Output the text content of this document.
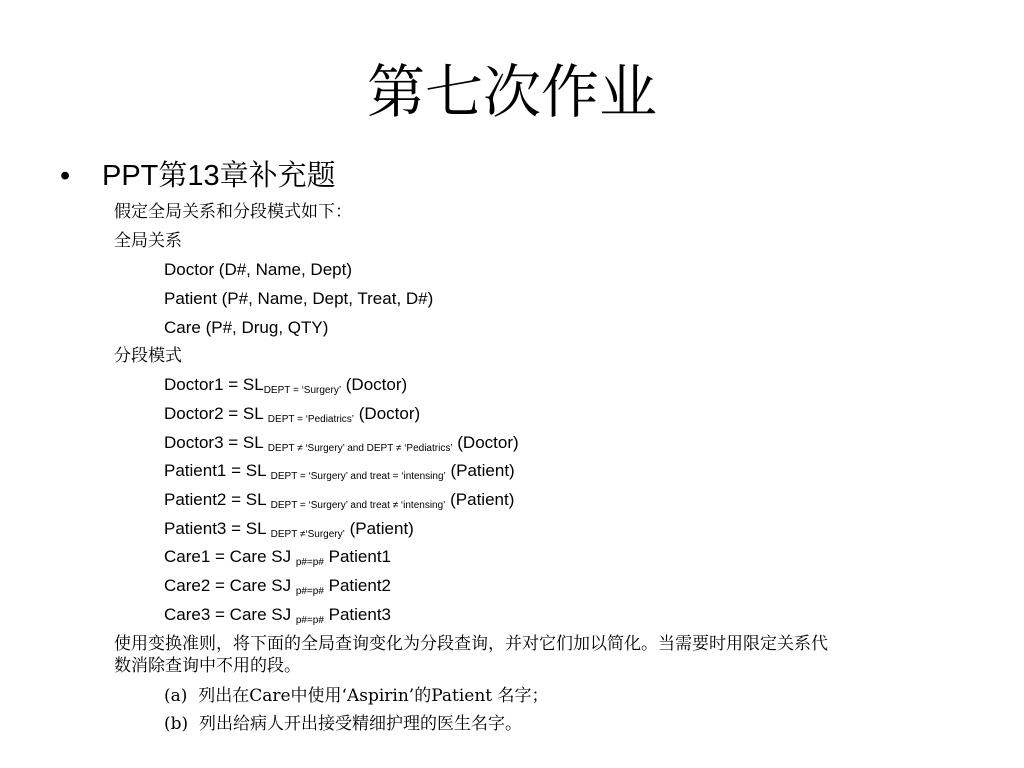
第七次作业
• PPT第13章补充题
假定全局关系和分段模式如下：
全局关系
Doctor (D#, Name, Dept)
Patient (P#, Name, Dept, Treat, D#)
Care (P#, Drug, QTY)
分段模式
Doctor1 = $SL_{DEPT = ‘Surgery’}$ (Doctor)
Doctor2 = SL $_{DEPT = ‘Pediatrics’}$ (Doctor)
Doctor3 = SL $_{DEPT \ne ‘Surgery’ and DEPT \ne ‘Pediatrics’}$ (Doctor)
Patient1 = SL $_{DEPT = ‘Surgery’ and treat = ‘intensing’}$ (Patient)
Patient2 = SL $_{DEPT = ‘Surgery’ and treat \ne ‘intensing’}$ (Patient)
Patient3 = SL $_{DEPT \ne‘Surgery’}$ (Patient)
Care1 = Care SJ $_{p\#=p\#}$ Patient1
Care2 = Care SJ $_{p\#=p\#}$ Patient2
Care3 = Care SJ $_{p\#=p\#}$ Patient3
使用变换准则，将下面的全局查询变化为分段查询，并对它们加以简化。当需要时用限定关系代
数消除查询中不用的段。
(a) 列出在Care中使用‘Aspirin’的Patient 名字；
(b) 列出给病人开出接受精细护理的医生名字。
